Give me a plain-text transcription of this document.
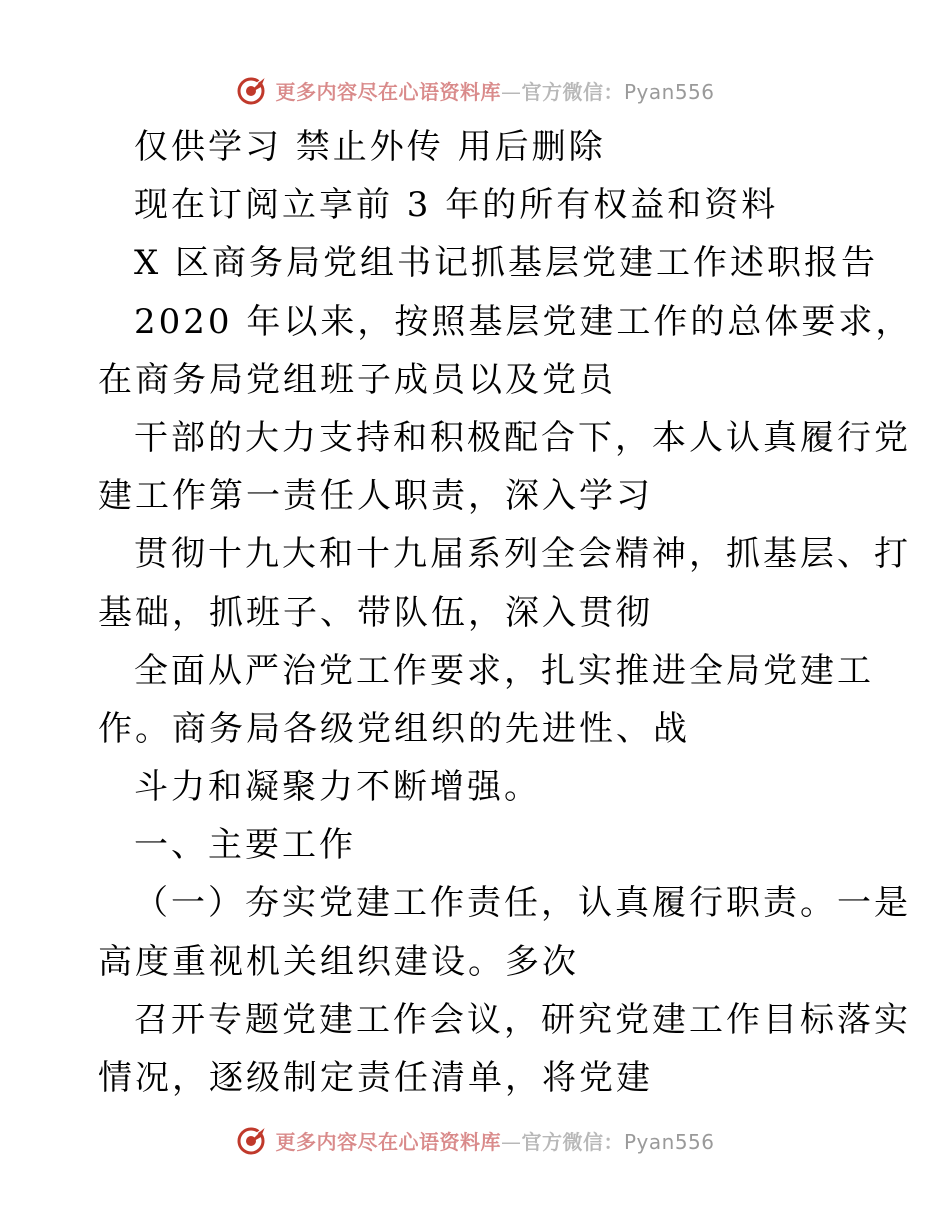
更多内容尽在心语资料库—官方微信：Pyan556
仅供学习 禁止外传 用后删除
现在订阅立享前 3 年的所有权益和资料
X 区商务局党组书记抓基层党建工作述职报告
2020 年以来，按照基层党建工作的总体要求，
在商务局党组班子成员以及党员
干部的大力支持和积极配合下，本人认真履行党
建工作第一责任人职责，深入学习
贯彻十九大和十九届系列全会精神，抓基层、打
基础，抓班子、带队伍，深入贯彻
全面从严治党工作要求，扎实推进全局党建工
作。商务局各级党组织的先进性、战
斗力和凝聚力不断增强。
一、主要工作
（一）夯实党建工作责任，认真履行职责。一是
高度重视机关组织建设。多次
召开专题党建工作会议，研究党建工作目标落实
情况，逐级制定责任清单，将党建
更多内容尽在心语资料库—官方微信：Pyan556
